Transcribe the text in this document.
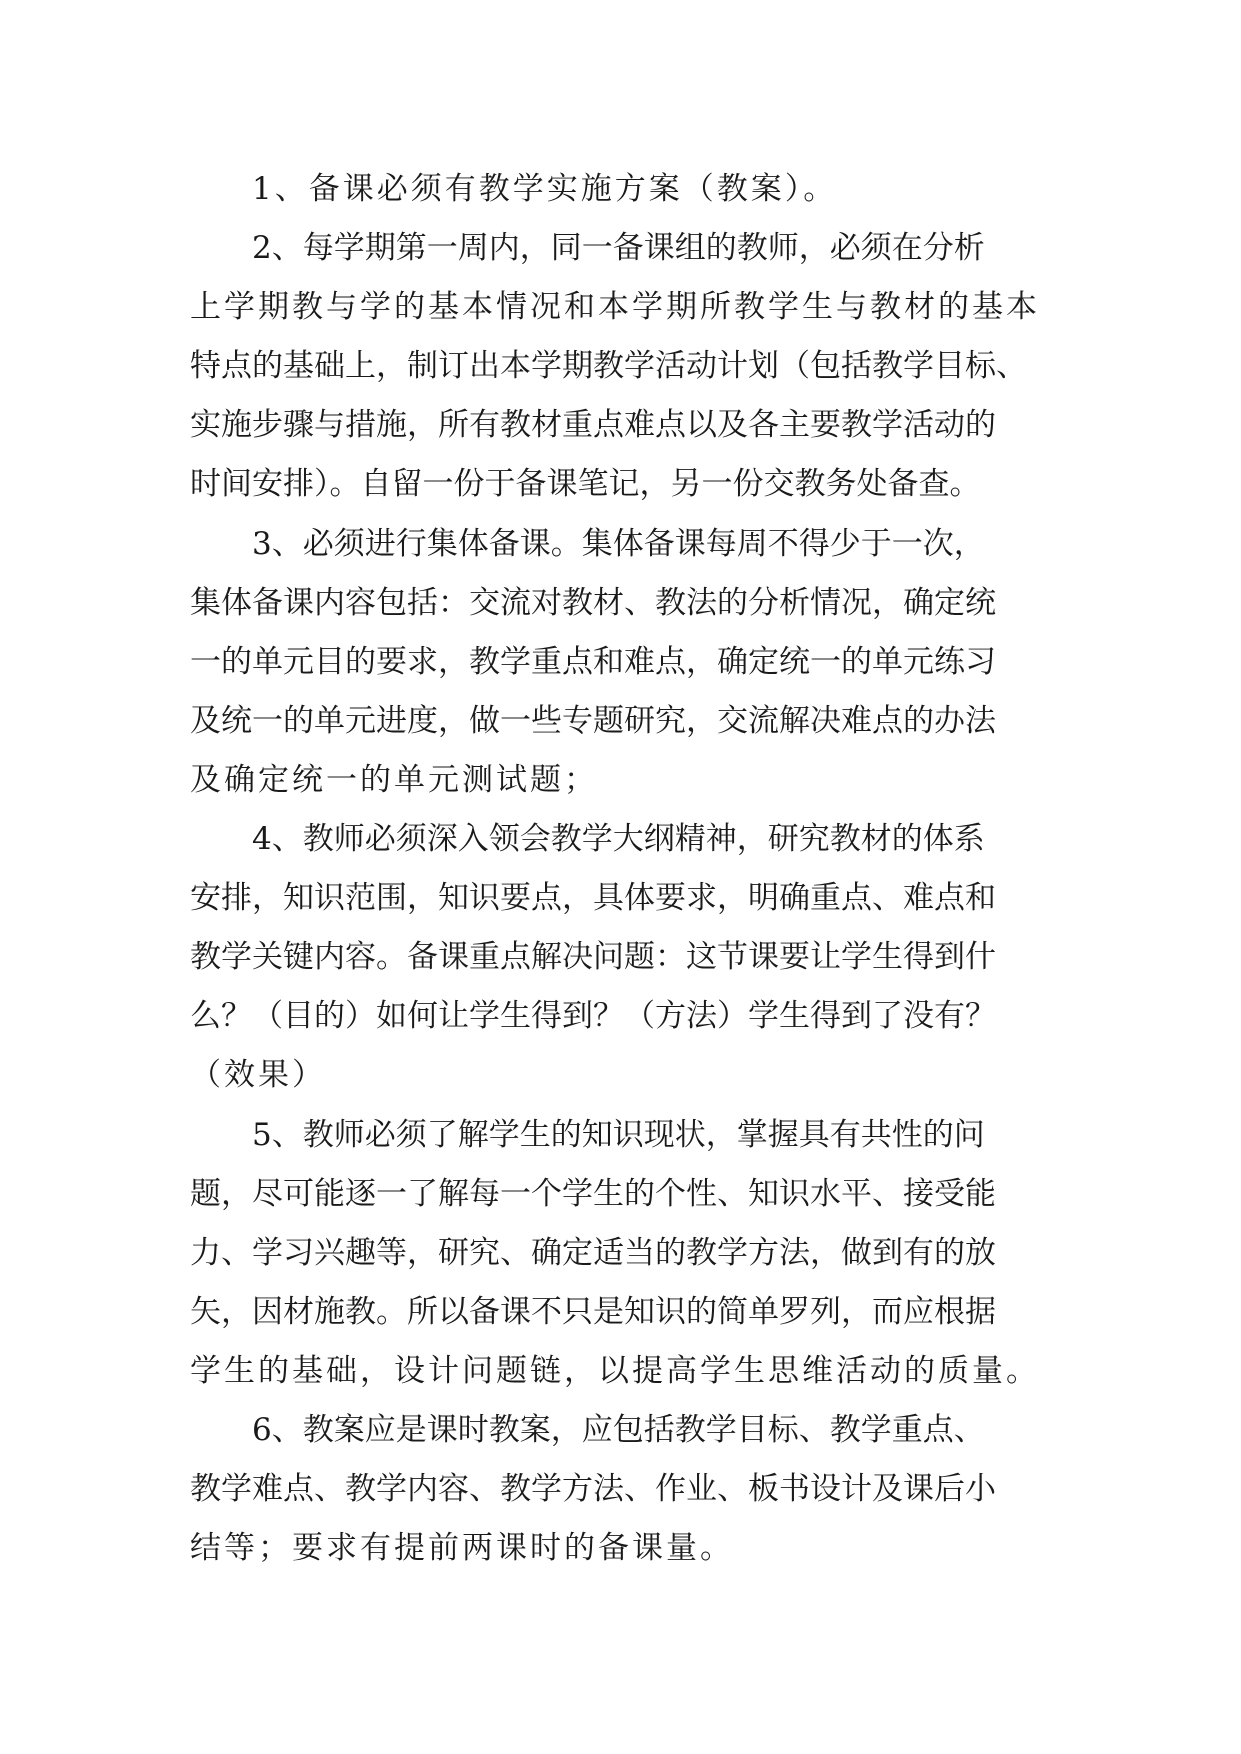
1、备课必须有教学实施方案（教案）。
2、每学期第一周内，同一备课组的教师，必须在分析
上学期教与学的基本情况和本学期所教学生与教材的基本
特点的基础上，制订出本学期教学活动计划（包括教学目标、
实施步骤与措施，所有教材重点难点以及各主要教学活动的
时间安排）。自留一份于备课笔记，另一份交教务处备查。
3、必须进行集体备课。集体备课每周不得少于一次，
集体备课内容包括：交流对教材、教法的分析情况，确定统
一的单元目的要求，教学重点和难点，确定统一的单元练习
及统一的单元进度，做一些专题研究，交流解决难点的办法
及确定统一的单元测试题；
4、教师必须深入领会教学大纲精神，研究教材的体系
安排，知识范围，知识要点，具体要求，明确重点、难点和
教学关键内容。备课重点解决问题：这节课要让学生得到什
么？（目的）如何让学生得到？（方法）学生得到了没有？
（效果）
5、教师必须了解学生的知识现状，掌握具有共性的问
题，尽可能逐一了解每一个学生的个性、知识水平、接受能
力、学习兴趣等，研究、确定适当的教学方法，做到有的放
矢，因材施教。所以备课不只是知识的简单罗列，而应根据
学生的基础，设计问题链，以提高学生思维活动的质量。
6、教案应是课时教案，应包括教学目标、教学重点、
教学难点、教学内容、教学方法、作业、板书设计及课后小
结等；要求有提前两课时的备课量。
